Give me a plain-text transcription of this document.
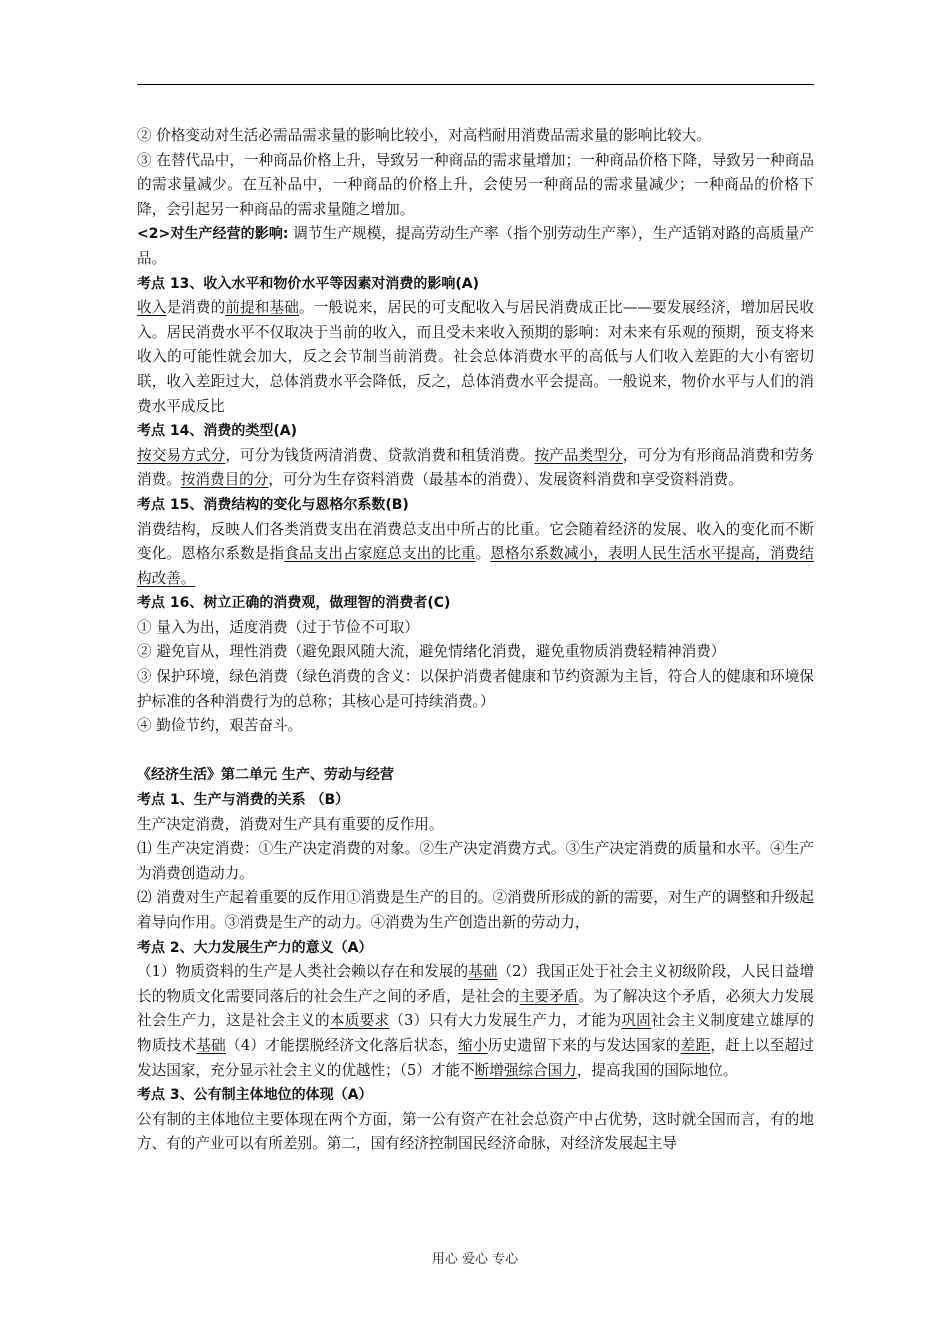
② 价格变动对生活必需品需求量的影响比较小，对高档耐用消费品需求量的影响比较大。

③ 在替代品中，一种商品价格上升，导致另一种商品的需求量增加；一种商品价格下降，导致另一种商品的需求量减少。在互补品中，一种商品的价格上升，会使另一种商品的需求量减少；一种商品的价格下降，会引起另一种商品的需求量随之增加。

<2>对生产经营的影响: 调节生产规模，提高劳动生产率（指个别劳动生产率），生产适销对路的高质量产品。

考点 13、收入水平和物价水平等因素对消费的影响(A)

收入是消费的前提和基础。一般说来，居民的可支配收入与居民消费成正比——要发展经济，增加居民收入。居民消费水平不仅取决于当前的收入，而且受未来收入预期的影响：对未来有乐观的预期，预支将来收入的可能性就会加大，反之会节制当前消费。社会总体消费水平的高低与人们收入差距的大小有密切联，收入差距过大，总体消费水平会降低，反之，总体消费水平会提高。一般说来，物价水平与人们的消费水平成反比

考点 14、消费的类型(A)

按交易方式分，可分为钱货两清消费、贷款消费和租赁消费。按产品类型分，可分为有形商品消费和劳务消费。按消费目的分，可分为生存资料消费（最基本的消费）、发展资料消费和享受资料消费。

考点 15、消费结构的变化与恩格尔系数(B)

消费结构，反映人们各类消费支出在消费总支出中所占的比重。它会随着经济的发展、收入的变化而不断变化。恩格尔系数是指食品支出占家庭总支出的比重。恩格尔系数减小，表明人民生活水平提高，消费结构改善。

考点 16、树立正确的消费观，做理智的消费者(C)

① 量入为出，适度消费（过于节俭不可取）

② 避免盲从，理性消费（避免跟风随大流，避免情绪化消费，避免重物质消费轻精神消费）

③ 保护环境，绿色消费（绿色消费的含义：以保护消费者健康和节约资源为主旨，符合人的健康和环境保护标准的各种消费行为的总称；其核心是可持续消费。）

④ 勤俭节约，艰苦奋斗。

《经济生活》第二单元 生产、劳动与经营

考点 1、生产与消费的关系 （B）

生产决定消费，消费对生产具有重要的反作用。

⑴ 生产决定消费：①生产决定消费的对象。②生产决定消费方式。③生产决定消费的质量和水平。④生产为消费创造动力。

⑵ 消费对生产起着重要的反作用①消费是生产的目的。②消费所形成的新的需要，对生产的调整和升级起着导向作用。③消费是生产的动力。④消费为生产创造出新的劳动力，

考点 2、大力发展生产力的意义（A）

（1）物质资料的生产是人类社会赖以存在和发展的基础（2）我国正处于社会主义初级阶段，人民日益增长的物质文化需要同落后的社会生产之间的矛盾，是社会的主要矛盾。为了解决这个矛盾，必须大力发展社会生产力，这是社会主义的本质要求（3）只有大力发展生产力，才能为巩固社会主义制度建立雄厚的物质技术基础（4）才能摆脱经济文化落后状态，缩小历史遗留下来的与发达国家的差距，赶上以至超过发达国家，充分显示社会主义的优越性；（5）才能不断增强综合国力，提高我国的国际地位。

考点 3、公有制主体地位的体现（A）

公有制的主体地位主要体现在两个方面，第一公有资产在社会总资产中占优势，这时就全国而言，有的地方、有的产业可以有所差别。第二，国有经济控制国民经济命脉，对经济发展起主导

用心 爱心 专心
